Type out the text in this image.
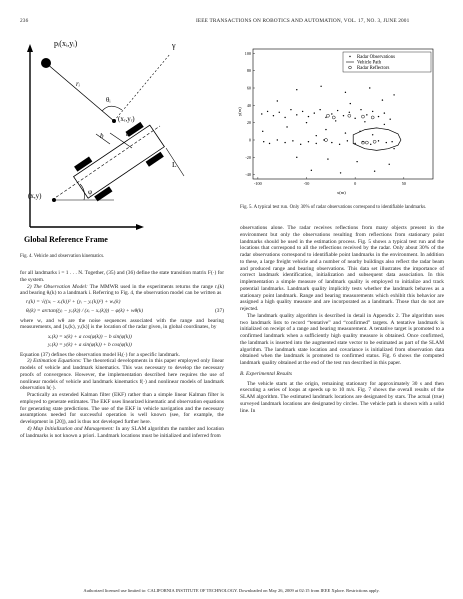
236	IEEE TRANSACTIONS ON ROBOTICS AND AUTOMATION, VOL. 17, NO. 3, JUNE 2001
pᵢ(xᵢ,yᵢ)
rᵢ
γ
θᵢ
(xᵣ,yᵣ)
a
b
L
φ
(x,y)
Global Reference Frame
Fig. 4. Vehicle and observation kinematics.
100
80
60
40
20
0
-20
-40
-100	-50	0	50
Radar Observations
Vehicle Path
Radar Reflectors
y(m)
x(m)
Fig. 5. A typical test run. Only 30% of radar observations correspond to identifiable landmarks.

for all landmarks i = 1 . . . N. Together, (35) and (36) define the state transition matrix F(·) for the system.

2) The Observation Model: The MMWR used in the experiments returns the range rᵢ(k) and bearing θᵢ(k) to a landmark i. Referring to Fig. 4, the observation model can be written as

rᵢ(k) = √((xᵢ − xᵣ(k))² + (yᵢ − yᵣ(k))²) + wᵣ(k)
θᵢ(k) = arctan((yᵢ − yᵣ(k)) / (xᵢ − xᵣ(k))) − φ(k) + wθ(k)	(37)

where wᵣ and wθ are the noise sequences associated with the range and bearing measurements, and [xᵣ(k), yᵣ(k)] is the location of the radar given, in global coordinates, by

xᵣ(k) = x(k) + a cos(φ(k)) − b sin(φ(k))
yᵣ(k) = y(k) + a sin(φ(k)) + b cos(φ(k))

Equation (37) defines the observation model Hᵢ(·) for a specific landmark.

3) Estimation Equations: The theoretical developments in this paper employed only linear models of vehicle and landmark kinematics. This was necessary to develop the necessary proofs of convergence. However, the implementation described here requires the use of nonlinear models of vehicle and landmark kinematics f(·) and nonlinear models of landmark observation h(·).

Practically an extended Kalman filter (EKF) rather than a simple linear Kalman filter is employed to generate estimates. The EKF uses linearized kinematic and observation equations for generating state predictions. The use of the EKF in vehicle navigation and the necessary assumptions needed for successful operation is well known (see, for example, the development in [20]), and is thus not developed further here.

4) Map Initialization and Management: In any SLAM algorithm the number and location of landmarks is not known a priori. Landmark locations must be initialized and inferred from

observations alone. The radar receives reflections from many objects present in the environment but only the observations resulting from reflections from stationary point landmarks should be used in the estimation process. Fig. 5 shows a typical test run and the locations that correspond to all the reflections received by the radar. Only about 30% of the radar observations correspond to identifiable point landmarks in the environment. In addition to these, a large freight vehicle and a number of nearby buildings also reflect the radar beam and produced range and bearing observations. This data set illustrates the importance of correct landmark identification, initialization and subsequent data association. In this implementation a simple measure of landmark quality is employed to initialize and track potential landmarks. Landmark quality implicitly tests whether the landmark behaves as a stationary point landmark. Range and bearing measurements which exhibit this behavior are assigned a high quality measure and are incorporated as a landmark. Those that do not are rejected.

The landmark quality algorithm is described in detail in Appendix 2. The algorithm uses two landmark lists to record “tentative” and “confirmed” targets. A tentative landmark is initialized on receipt of a range and bearing measurement. A tentative target is promoted to a confirmed landmark when a sufficiently high quality measure is obtained. Once confirmed, the landmark is inserted into the augmented state vector to be estimated as part of the SLAM algorithm. The landmark state location and covariance is initialized from observation data obtained when the landmark is promoted to confirmed status. Fig. 6 shows the computed landmark quality obtained at the end of the test run described in this paper.

B. Experimental Results

The vehicle starts at the origin, remaining stationary for approximately 30 s and then executing a series of loops at speeds up to 10 m/s. Fig. 7 shows the overall results of the SLAM algorithm. The estimated landmark locations are designated by stars. The actual (true) surveyed landmark locations are designated by circles. The vehicle path is shown with a solid line. In

Authorized licensed use limited to: CALIFORNIA INSTITUTE OF TECHNOLOGY. Downloaded on May 26, 2009 at 02:15 from IEEE Xplore. Restrictions apply.
